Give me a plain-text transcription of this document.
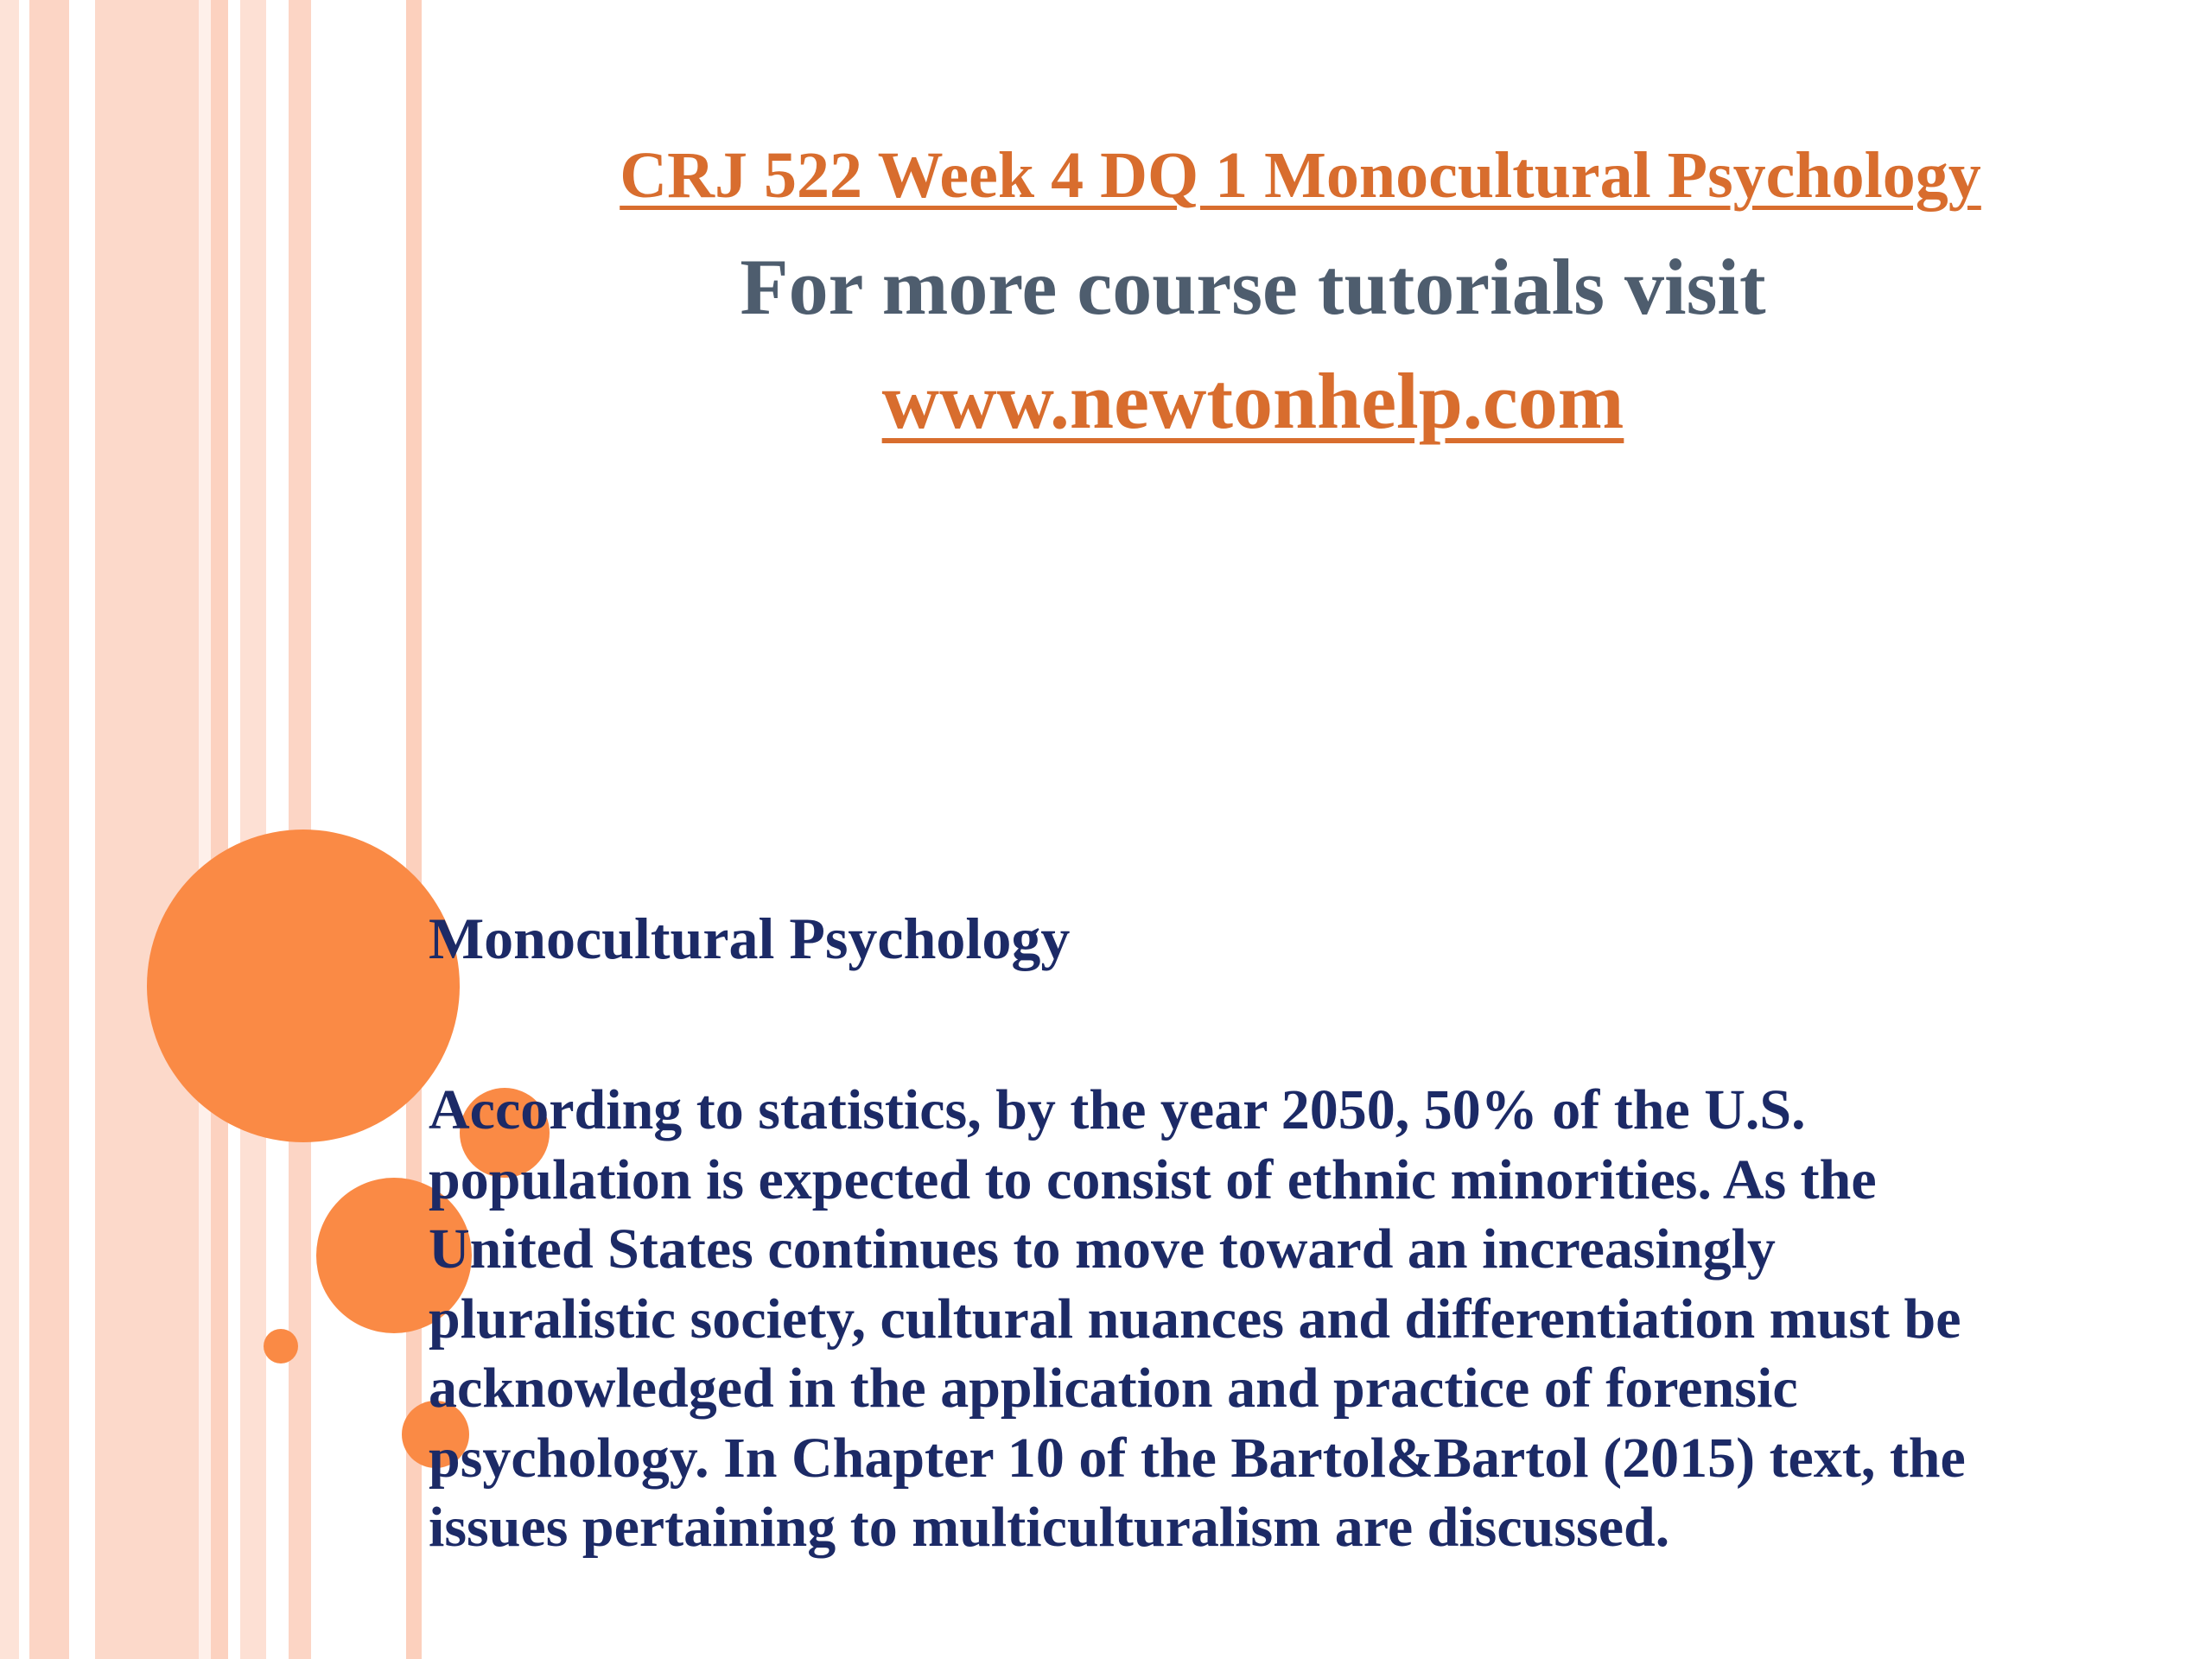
CRJ 522 Week 4 DQ 1 Monocultural Psychology

For more course tutorials visit

www.newtonhelp.com

Monocultural Psychology
According to statistics, by the year 2050, 50% of the U.S.
population is expected to consist of ethnic minorities. As the
United States continues to move toward an increasingly
pluralistic society, cultural nuances and differentiation must be
acknowledged in the application and practice of forensic
psychology. In Chapter 10 of the Bartol&Bartol (2015) text, the
issues pertaining to multiculturalism are discussed.
